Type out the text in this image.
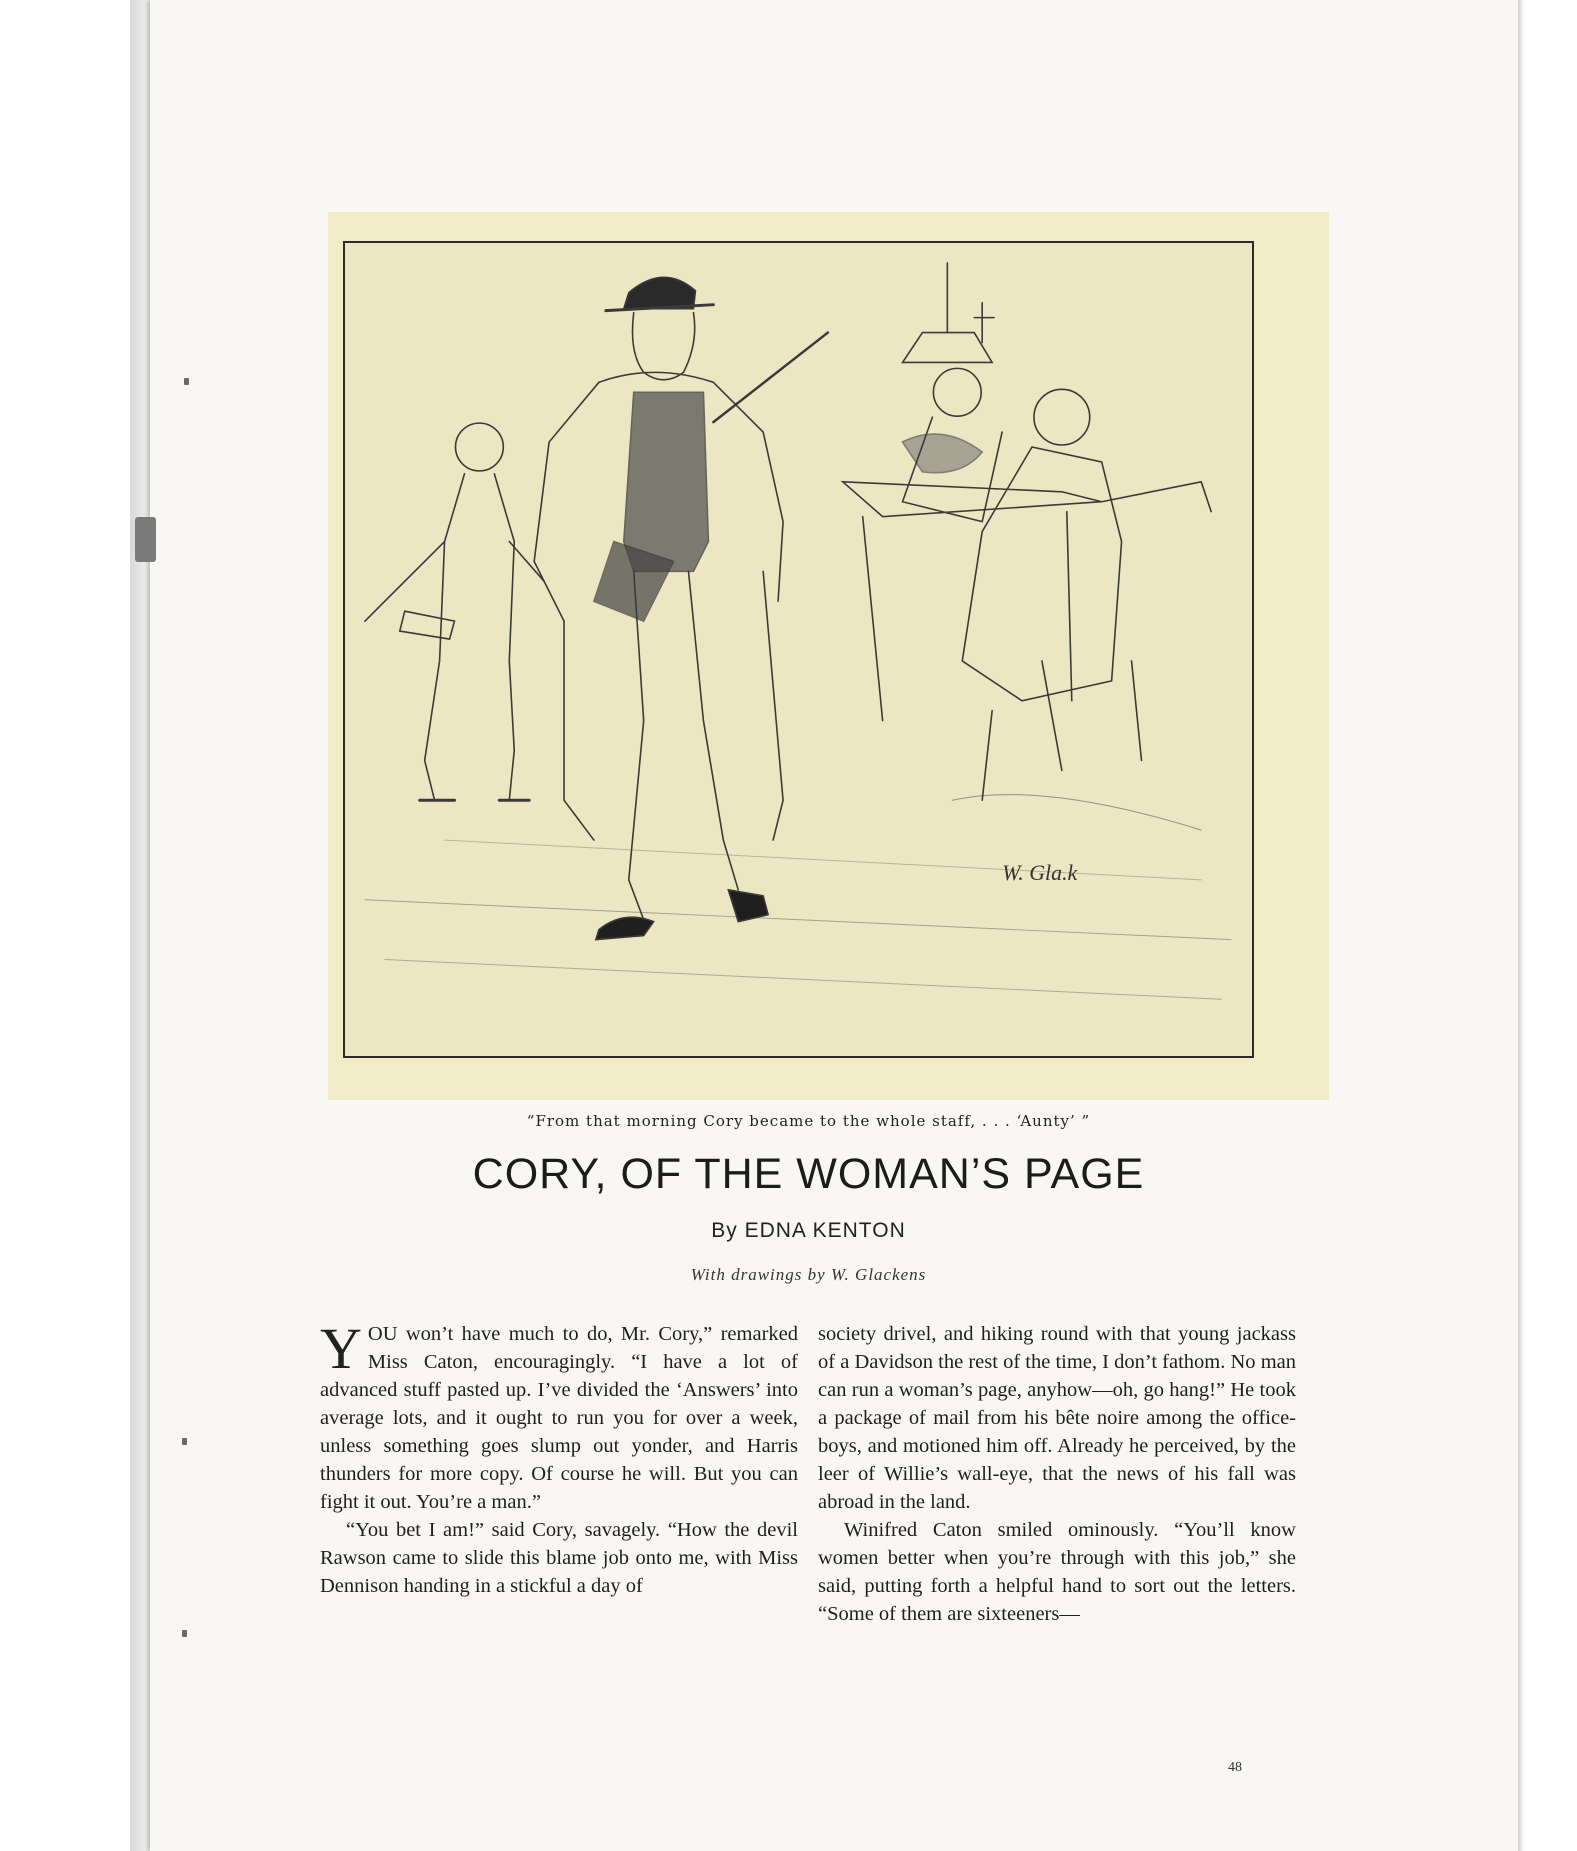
W. Gla.k
“From that morning Cory became to the whole staff, . . . ‘Aunty’ ”
CORY, OF THE WOMAN’S PAGE
By EDNA KENTON
With drawings by W. Glackens

YOU won’t have much to do, Mr. Cory,” remarked Miss Caton, encouragingly. “I have a lot of advanced stuff pasted up. I’ve divided the ‘Answers’ into average lots, and it ought to run you for over a week, unless something goes slump out yonder, and Harris thunders for more copy. Of course he will. But you can fight it out. You’re a man.”

“You bet I am!” said Cory, savagely. “How the devil Rawson came to slide this blame job onto me, with Miss Dennison handing in a stickful a day of

society drivel, and hiking round with that young jackass of a Davidson the rest of the time, I don’t fathom. No man can run a woman’s page, anyhow—oh, go hang!” He took a package of mail from his bête noire among the office-boys, and motioned him off. Already he perceived, by the leer of Willie’s wall-eye, that the news of his fall was abroad in the land.

Winifred Caton smiled ominously. “You’ll know women better when you’re through with this job,” she said, putting forth a helpful hand to sort out the letters. “Some of them are sixteeners—

48
